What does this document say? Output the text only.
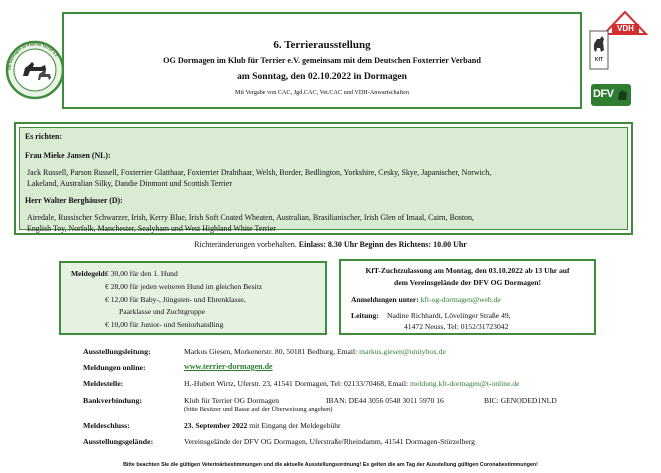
OG Dormagen im Klub für Terrier e.V.
VDH
KfT
DFV
6. Terrierausstellung
OG Dormagen im Klub für Terrier e.V. gemeinsam mit dem Deutschen Foxterrier Verband
am Sonntag, den 02.10.2022 in Dormagen
Mit Vergabe von CAC, Jgd.CAC, Vet.CAC und VDH-Anwartschaften
Es richten:
Frau Mieke Jansen (NL):
Jack Russell, Parson Russell, Foxterrier Glatthaar, Foxterrier Drahthaar, Welsh, Border, Bedlington, Yorkshire, Cesky, Skye, Japanischer, Norwich,
Lakeland, Australian Silky, Dandie Dinmont und Scottish Terrier
Herr Walter Berghäuser (D):
Airedale, Russischer Schwarzer, Irish, Kerry Blue, Irish Soft Coated Wheaten, Australian, Brasilianischer, Irish Glen of Imaal, Cairn, Boston,
English Toy, Norfolk, Manchester, Sealyham und West Highland White Terrier
Richteränderungen vorbehalten. Einlass: 8.30 Uhr Beginn des Richtens: 10.00 Uhr
Meldegeld:
€ 30,00 für den 1. Hund
€ 28,00 für jeden weiteren Hund im gleichen Besitz
€ 12,00 für Baby-, Jüngsten- und Ehrenklasse,
Paarklasse und Zuchtgruppe
€ 10,00 für Junior- und Seniorhandling
KfT-Zuchtzulassung am Montag, den 03.10.2022 ab 13 Uhr auf
dem Vereinsgelände der DFV OG Dormagen!
Anmeldungen unter: kft-og-dormagen@web.de
Leitung: Nadine Richhardt, Lövelinger Straße 49,
41472 Neuss, Tel: 0152/31723042
Ausstellungsleitung:	Markus Giesen, Morkenerstr. 80, 50181 Bedburg, Email: markus.giesen@unitybox.de
Meldungen online:	www.terrier-dormagen.de
Meldestelle:	H.-Hubert Wirtz, Uferstr. 23, 41541 Dormagen, Tel: 02133/70468, Email: meldung.kft-dormagen@t-online.de
Bankverbindung:	Klub für Terrier OG Dormagen	IBAN: DE44 3056 0548 3011 5970 16	BIC: GENODED1NLD
(bitte Besitzer und Rasse auf der Überweisung angeben)
Meldeschluss:	23. September 2022 mit Eingang der Meldegebühr
Ausstellungsgelände:	Vereinsgelände der DFV OG Dormagen, Uferstraße/Rheindamm, 41541 Dormagen-Stürzelberg
Bitte beachten Sie die gültigen Veterinärbestimmungen und die aktuelle Ausstellungsordnung! Es gelten die am Tag der Ausstellung gültigen Coronabestimmungen!
